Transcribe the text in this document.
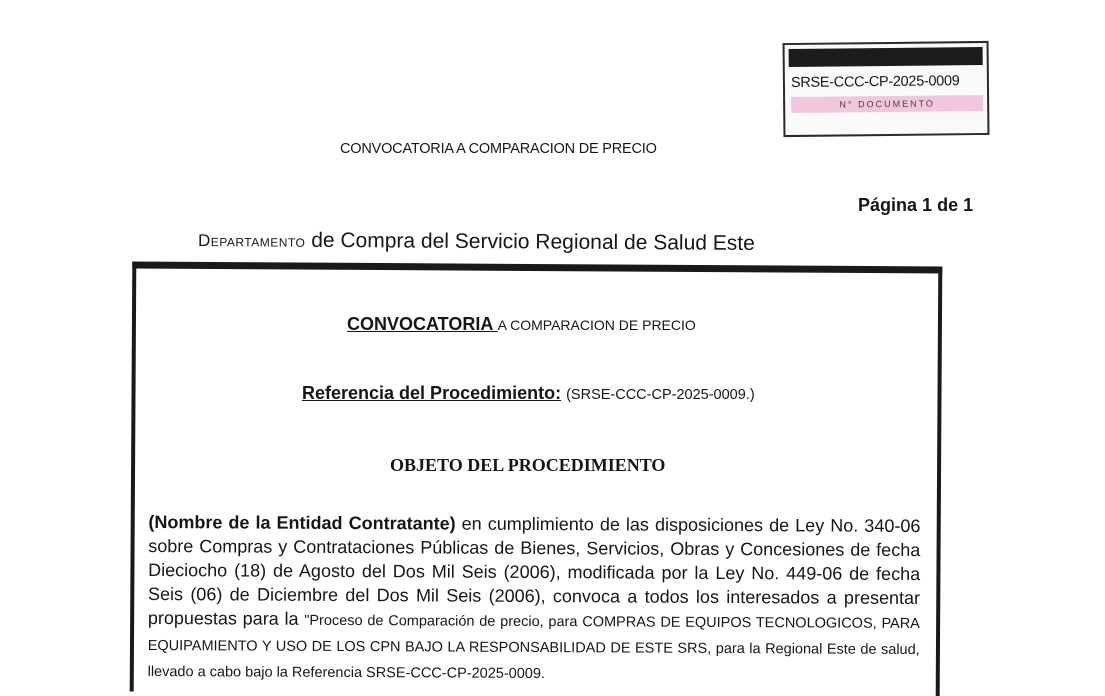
SRSE-CCC-CP-2025-0009
N° DOCUMENTO
CONVOCATORIA A COMPARACION DE PRECIO
Página 1 de 1
Departamento de Compra del Servicio Regional de Salud Este
CONVOCATORIA A COMPARACION DE PRECIO
Referencia del Procedimiento: (SRSE-CCC-CP-2025-0009.)
OBJETO DEL PROCEDIMIENTO
(Nombre de la Entidad Contratante) en cumplimiento de las disposiciones de Ley No. 340-06 sobre Compras y Contrataciones Públicas de Bienes, Servicios, Obras y Concesiones de fecha Dieciocho (18) de Agosto del Dos Mil Seis (2006), modificada por la Ley No. 449-06 de fecha Seis (06) de Diciembre del Dos Mil Seis (2006), convoca a todos los interesados a presentar propuestas para la "Proceso de Comparación de precio, para COMPRAS DE EQUIPOS TECNOLOGICOS, PARA EQUIPAMIENTO Y USO DE LOS CPN BAJO LA RESPONSABILIDAD DE ESTE SRS, para la Regional Este de salud, llevado a cabo bajo la Referencia SRSE-CCC-CP-2025-0009.
